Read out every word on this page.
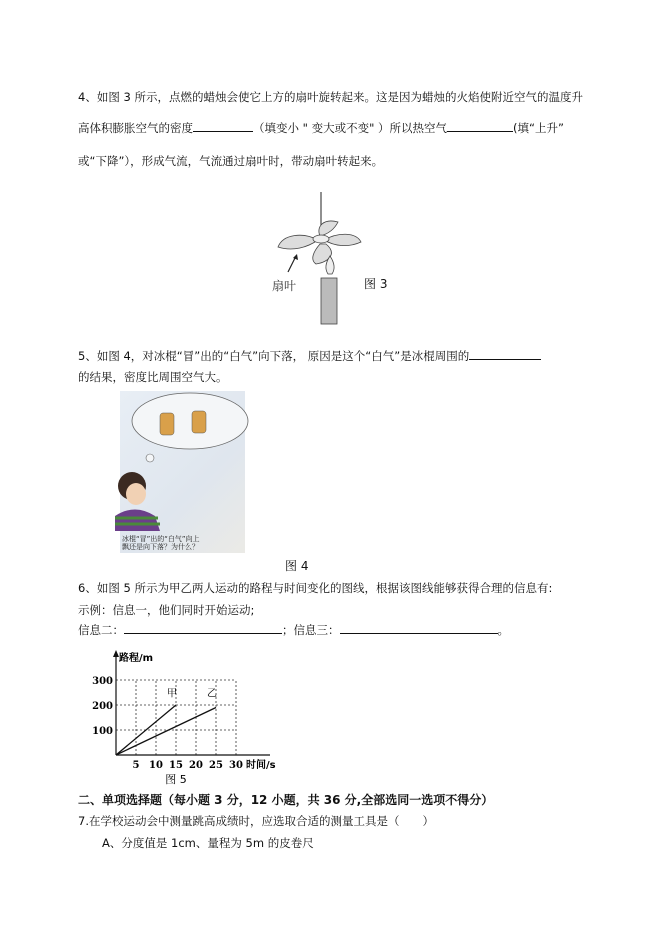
4、如图 3 所示，点燃的蜡烛会使它上方的扇叶旋转起来。这是因为蜡烛的火焰使附近空气的温度升
高体积膨胀空气的密度	（填变小 " 变大或不变" ）所以热空气	(填“上升”
或“下降”），形成气流，气流通过扇叶时，带动扇叶转起来。
扇叶	图 3
5、如图 4，对冰棍“冒”出的“白气”向下落， 原因是这个“白气”是冰棍周围的
的结果，密度比周围空气大。
冰棍“冒”出的“白气”向上
飘还是向下落？为什么？
图 4
6、如图 5 所示为甲乙两人运动的路程与时间变化的图线，根据该图线能够获得合理的信息有:
示例：信息一，他们同时开始运动;
信息二：	；信息三：	。
5 10 15 20 25 30
100
200
300
路程/m
时间/s
甲	乙
图 5
二、单项选择题（每小题 3 分，12 小题，共 36 分,全部选同一选项不得分）
7.在学校运动会中测量跳高成绩时，应选取合适的测量工具是（　　）
A、分度值是 1cm、量程为 5m 的皮卷尺
